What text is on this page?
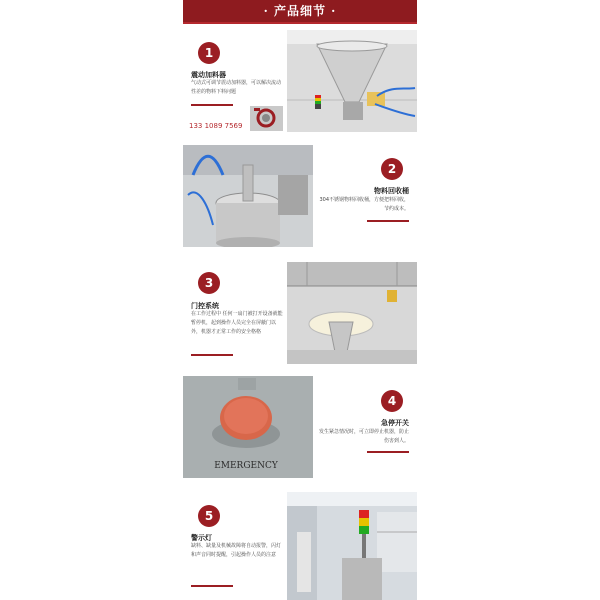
· 产品细节 ·
1
震动加料器
气动式可调节震动加料器，可以解决流动性差的物料下料问题
133 1089 7569
2
物料回收桶
304不锈钢物料回收桶，方便把料回收，节约成本。
3
门控系统
在工作过程中 任何一扇门被打开设备就能暂停机，起到操作人员完全在屏蔽门以外，机器才正常工作的安全格格
EMERGENCY
4
急停开关
发生紧急情况时，可立即停止机器，防止伤害到人。
5
警示灯
缺料、缺量及机械故障将自动报警，闪灯和声音同时提醒，引起操作人员的注意
